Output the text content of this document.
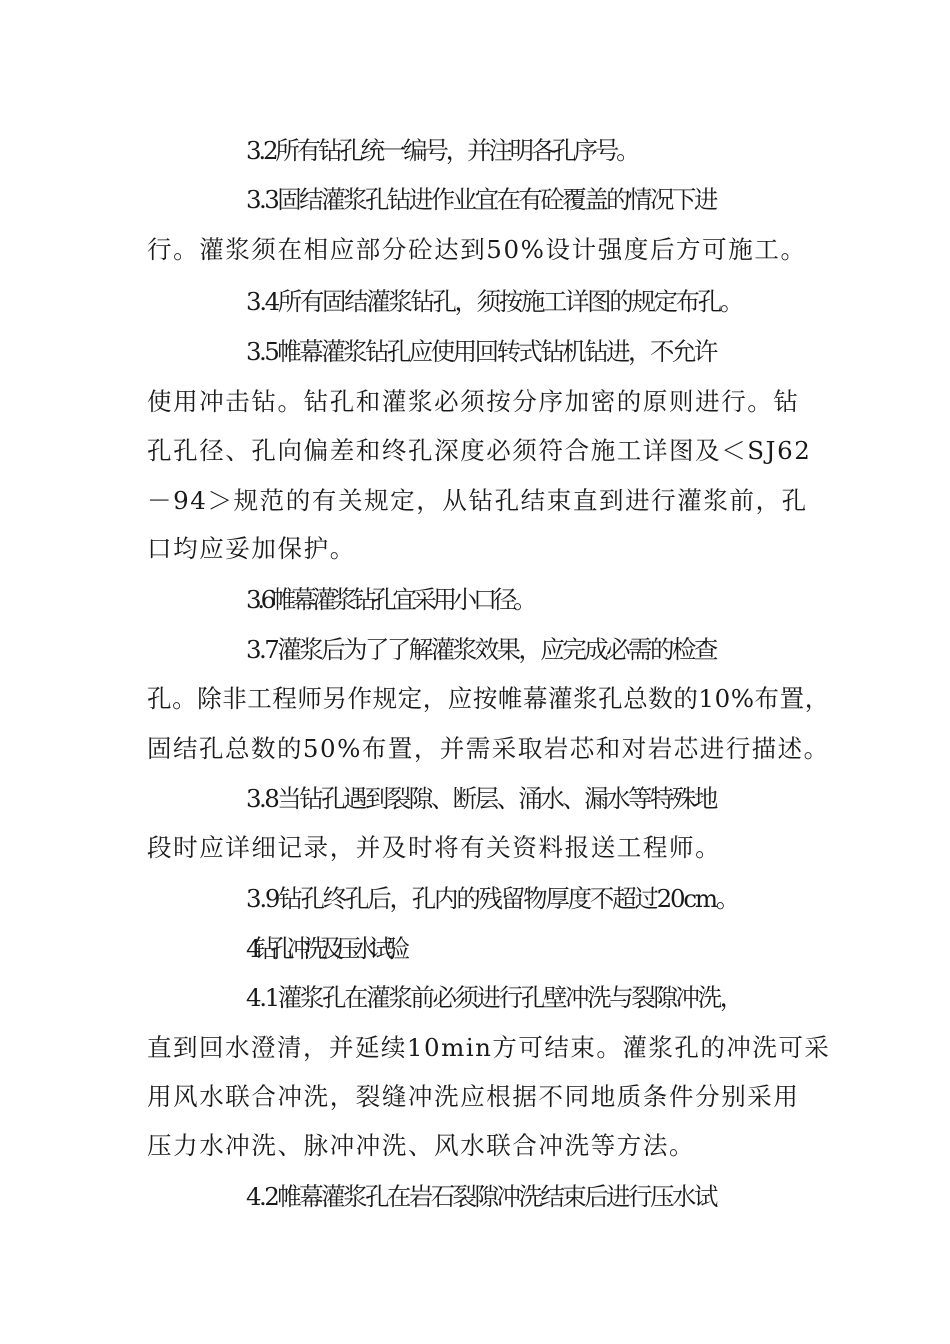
3.2所有钻孔统一编号，并注明各孔序号。
3.3固结灌浆孔钻进作业宜在有砼覆盖的情况下进
行。灌浆须在相应部分砼达到50%设计强度后方可施工。
3.4所有固结灌浆钻孔，须按施工详图的规定布孔。
3.5帷幕灌浆钻孔应使用回转式钻机钻进，不允许
使用冲击钻。钻孔和灌浆必须按分序加密的原则进行。钻
孔孔径、孔向偏差和终孔深度必须符合施工详图及＜SJ62
－94＞规范的有关规定，从钻孔结束直到进行灌浆前，孔
口均应妥加保护。
3.6帷幕灌浆钻孔宜采用小口径。
3.7灌浆后为了了解灌浆效果，应完成必需的检查
孔。除非工程师另作规定，应按帷幕灌浆孔总数的10%布置，
固结孔总数的50%布置，并需采取岩芯和对岩芯进行描述。
3.8当钻孔遇到裂隙、断层、涌水、漏水等特殊地
段时应详细记录，并及时将有关资料报送工程师。
3.9钻孔终孔后，孔内的残留物厚度不超过20cm。
4钻孔冲洗及压水试验
4.1灌浆孔在灌浆前必须进行孔壁冲洗与裂隙冲洗，
直到回水澄清，并延续10min方可结束。灌浆孔的冲洗可采
用风水联合冲洗，裂缝冲洗应根据不同地质条件分别采用
压力水冲洗、脉冲冲洗、风水联合冲洗等方法。
4.2帷幕灌浆孔在岩石裂隙冲洗结束后进行压水试
